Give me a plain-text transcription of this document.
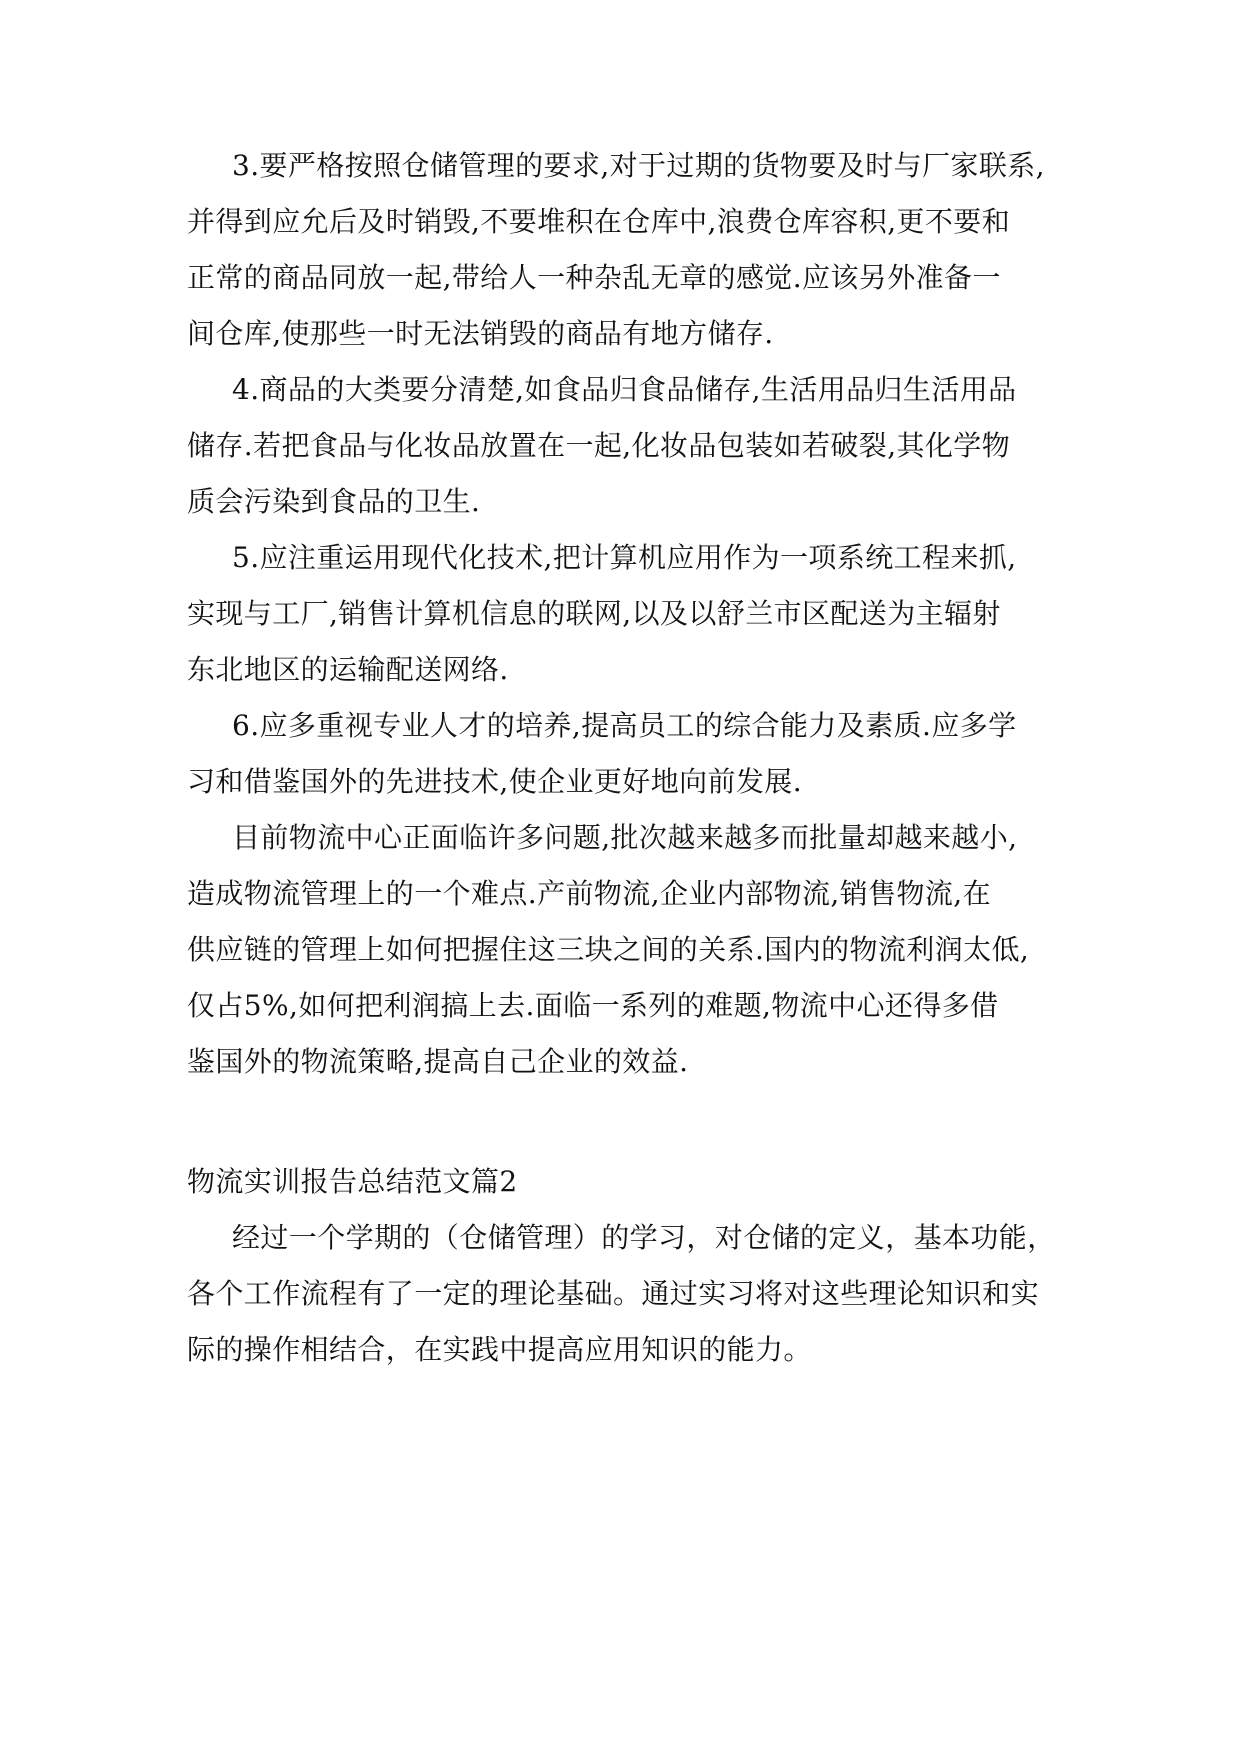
3.要严格按照仓储管理的要求,对于过期的货物要及时与厂家联系,
并得到应允后及时销毁,不要堆积在仓库中,浪费仓库容积,更不要和
正常的商品同放一起,带给人一种杂乱无章的感觉.应该另外准备一
间仓库,使那些一时无法销毁的商品有地方储存.
4.商品的大类要分清楚,如食品归食品储存,生活用品归生活用品
储存.若把食品与化妆品放置在一起,化妆品包装如若破裂,其化学物
质会污染到食品的卫生.
5.应注重运用现代化技术,把计算机应用作为一项系统工程来抓,
实现与工厂,销售计算机信息的联网,以及以舒兰市区配送为主辐射
东北地区的运输配送网络.
6.应多重视专业人才的培养,提高员工的综合能力及素质.应多学
习和借鉴国外的先进技术,使企业更好地向前发展.
目前物流中心正面临许多问题,批次越来越多而批量却越来越小,
造成物流管理上的一个难点.产前物流,企业内部物流,销售物流,在
供应链的管理上如何把握住这三块之间的关系.国内的物流利润太低,
仅占5%,如何把利润搞上去.面临一系列的难题,物流中心还得多借
鉴国外的物流策略,提高自己企业的效益.
物流实训报告总结范文篇2
经过一个学期的（仓储管理）的学习，对仓储的定义，基本功能，
各个工作流程有了一定的理论基础。通过实习将对这些理论知识和实
际的操作相结合，在实践中提高应用知识的能力。
